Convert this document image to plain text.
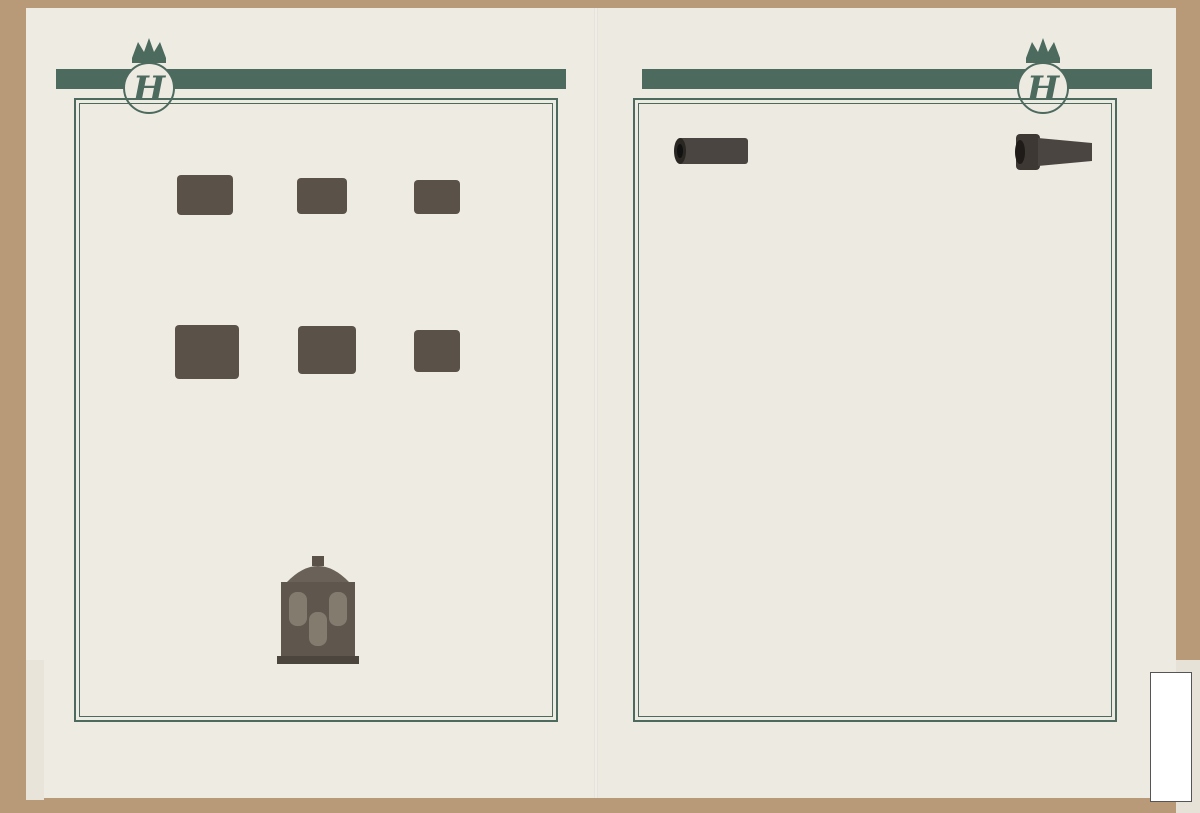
H	H
